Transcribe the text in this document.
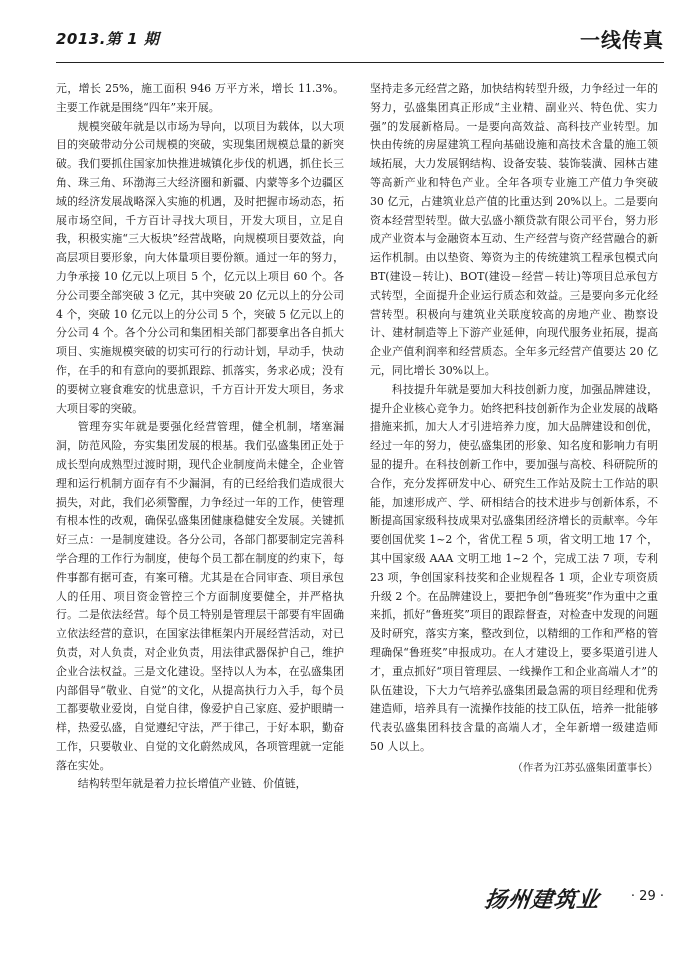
2013.第 1 期	一线传真

元，增长 25%，施工面积 946 万平方米，增长 11.3%。主要工作就是围绕“四年”来开展。

规模突破年就是以市场为导向，以项目为载体，以大项目的突破带动分公司规模的突破，实现集团规模总量的新突破。我们要抓住国家加快推进城镇化步伐的机遇，抓住长三角、珠三角、环渤海三大经济圈和新疆、内蒙等多个边疆区域的经济发展战略深入实施的机遇，及时把握市场动态，拓展市场空间，千方百计寻找大项目，开发大项目，立足自我，积极实施“三大板块”经营战略，向规模项目要效益，向高层项目要形象，向大体量项目要份额。通过一年的努力，力争承接 10 亿元以上项目 5 个，亿元以上项目 60 个。各分公司要全部突破 3 亿元，其中突破 20 亿元以上的分公司 4 个，突破 10 亿元以上的分公司 5 个，突破 5 亿元以上的分公司 4 个。各个分公司和集团相关部门都要拿出各自抓大项目、实施规模突破的切实可行的行动计划，早动手，快动作，在手的和有意向的要抓跟踪、抓落实，务求必成；没有的要树立寝食难安的忧患意识，千方百计开发大项目，务求大项目零的突破。

管理夯实年就是要强化经营管理，健全机制，堵塞漏洞，防范风险，夯实集团发展的根基。我们弘盛集团正处于成长型向成熟型过渡时期，现代企业制度尚未健全，企业管理和运行机制方面存有不少漏洞，有的已经给我们造成很大损失，对此，我们必须警醒，力争经过一年的工作，使管理有根本性的改观，确保弘盛集团健康稳健安全发展。关键抓好三点：一是制度建设。各分公司，各部门都要制定完善科学合理的工作行为制度，使每个员工都在制度的约束下，每件事都有据可查，有案可稽。尤其是在合同审查、项目承包人的任用、项目资金管控三个方面制度要健全，并严格执行。二是依法经营。每个员工特别是管理层干部要有牢固确立依法经营的意识，在国家法律框架内开展经营活动，对已负责，对人负责，对企业负责，用法律武器保护自己，维护企业合法权益。三是文化建设。坚持以人为本，在弘盛集团内部倡导“敬业、自觉”的文化，从提高执行力入手，每个员工都要敬业爱岗，自觉自律，像爱护自己家庭、爱护眼睛一样，热爱弘盛，自觉遵纪守法，严于律己，于好本职，勤奋工作，只要敬业、自觉的文化蔚然成风，各项管理就一定能落在实处。

结构转型年就是着力拉长增值产业链、价值链，

坚持走多元经营之路，加快结构转型升级，力争经过一年的努力，弘盛集团真正形成“主业精、副业兴、特色优、实力强”的发展新格局。一是要向高效益、高科技产业转型。加快由传统的房屋建筑工程向基础设施和高技术含量的施工领域拓展，大力发展钢结构、设备安装、装饰装潢、园林古建等高新产业和特色产业。全年各项专业施工产值力争突破 30 亿元，占建筑业总产值的比重达到 20%以上。二是要向资本经营型转型。做大弘盛小额贷款有限公司平台，努力形成产业资本与金融资本互动、生产经营与资产经营融合的新运作机制。由以垫资、筹资为主的传统建筑工程承包模式向 BT(建设－转让)、BOT(建设－经营－转让)等项目总承包方式转型，全面提升企业运行质态和效益。三是要向多元化经营转型。积极向与建筑业关联度较高的房地产业、勘察设计、建材制造等上下游产业延伸，向现代服务业拓展，提高企业产值利润率和经营质态。全年多元经营产值要达 20 亿元，同比增长 30%以上。

科技提升年就是要加大科技创新力度，加强品牌建设，提升企业核心竞争力。始终把科技创新作为企业发展的战略措施来抓，加大人才引进培养力度，加大品牌建设和创优，经过一年的努力，使弘盛集团的形象、知名度和影响力有明显的提升。在科技创新工作中，要加强与高校、科研院所的合作，充分发挥研发中心、研究生工作站及院士工作站的职能，加速形成产、学、研相结合的技术进步与创新体系，不断提高国家级科技成果对弘盛集团经济增长的贡献率。今年要创国优奖 1~2 个，省优工程 5 项，省文明工地 17 个，其中国家级 AAA 文明工地 1~2 个，完成工法 7 项，专利 23 项，争创国家科技奖和企业规程各 1 项，企业专项资质升级 2 个。在品牌建设上，要把争创“鲁班奖”作为重中之重来抓，抓好“鲁班奖”项目的跟踪督查，对检查中发现的问题及时研究，落实方案，整改到位，以精细的工作和严格的管理确保“鲁班奖”申报成功。在人才建设上，要多渠道引进人才，重点抓好“项目管理层、一线操作工和企业高端人才”的队伍建设，下大力气培养弘盛集团最急需的项目经理和优秀建造师，培养具有一流操作技能的技工队伍，培养一批能够代表弘盛集团科技含量的高端人才，全年新增一级建造师 50 人以上。

（作者为江苏弘盛集团董事长）

扬州建筑业 · 29 ·
